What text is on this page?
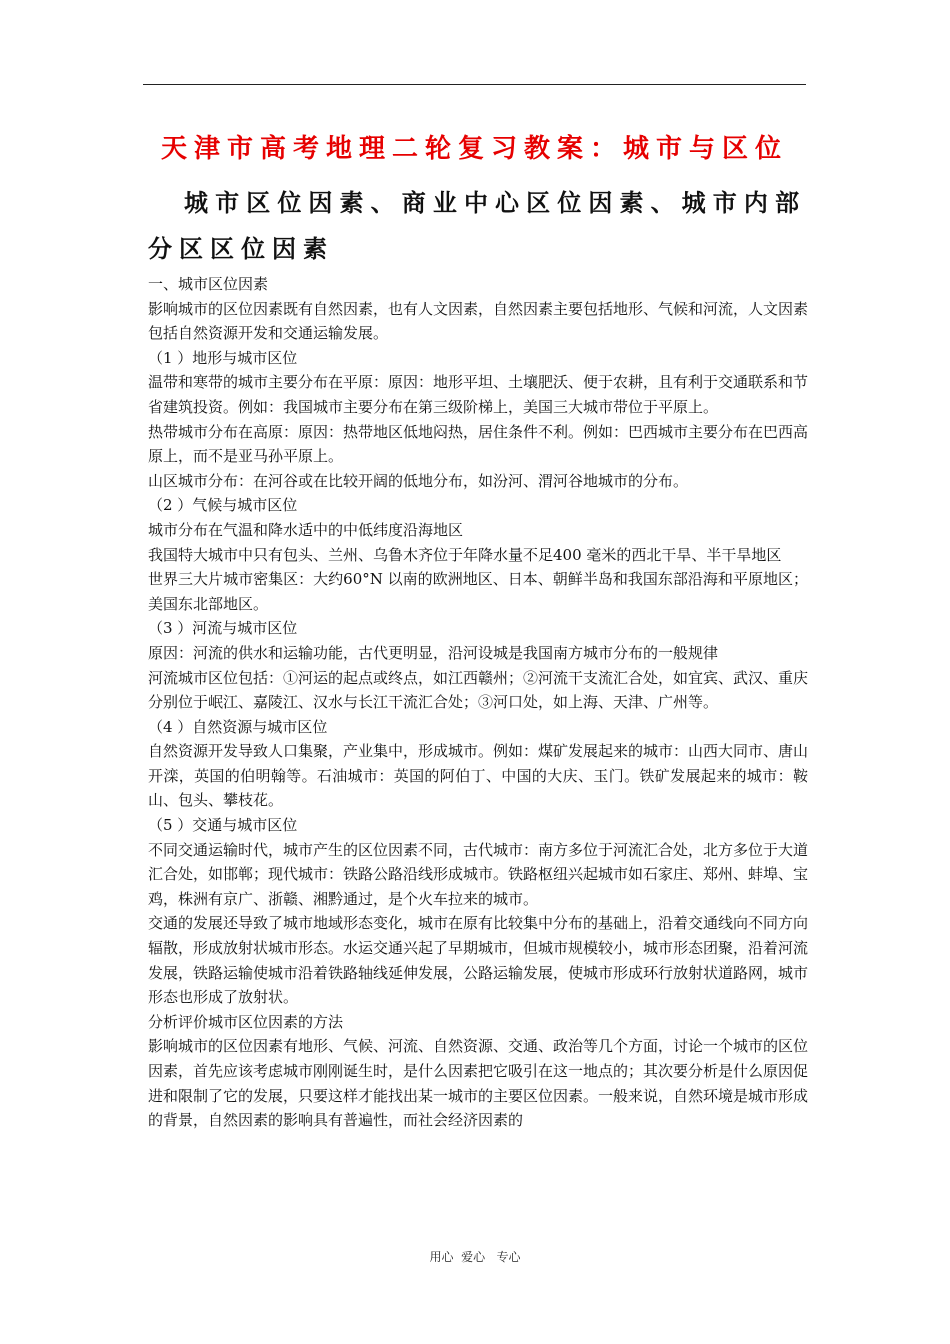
天津市高考地理二轮复习教案：城市与区位
城市区位因素、商业中心区位因素、城市内部分区区位因素

一、城市区位因素

影响城市的区位因素既有自然因素，也有人文因素，自然因素主要包括地形、气候和河流，人文因素包括自然资源开发和交通运输发展。

（1 ）地形与城市区位

温带和寒带的城市主要分布在平原：原因：地形平坦、土壤肥沃、便于农耕，且有利于交通联系和节省建筑投资。例如：我国城市主要分布在第三级阶梯上，美国三大城市带位于平原上。

热带城市分布在高原：原因：热带地区低地闷热，居住条件不利。例如：巴西城市主要分布在巴西高原上，而不是亚马孙平原上。

山区城市分布：在河谷或在比较开阔的低地分布，如汾河、渭河谷地城市的分布。

（2 ）气候与城市区位

城市分布在气温和降水适中的中低纬度沿海地区

我国特大城市中只有包头、兰州、乌鲁木齐位于年降水量不足400 毫米的西北干旱、半干旱地区

世界三大片城市密集区：大约60°N 以南的欧洲地区、日本、朝鲜半岛和我国东部沿海和平原地区；美国东北部地区。

（3 ）河流与城市区位

原因：河流的供水和运输功能，古代更明显，沿河设城是我国南方城市分布的一般规律

河流城市区位包括：①河运的起点或终点，如江西赣州；②河流干支流汇合处，如宜宾、武汉、重庆分别位于岷江、嘉陵江、汉水与长江干流汇合处；③河口处，如上海、天津、广州等。

（4 ）自然资源与城市区位

自然资源开发导致人口集聚，产业集中，形成城市。例如：煤矿发展起来的城市：山西大同市、唐山开滦，英国的伯明翰等。石油城市：英国的阿伯丁、中国的大庆、玉门。铁矿发展起来的城市：鞍山、包头、攀枝花。

（5 ）交通与城市区位

不同交通运输时代，城市产生的区位因素不同，古代城市：南方多位于河流汇合处，北方多位于大道汇合处，如邯郸；现代城市：铁路公路沿线形成城市。铁路枢纽兴起城市如石家庄、郑州、蚌埠、宝鸡，株洲有京广、浙赣、湘黔通过，是个火车拉来的城市。

交通的发展还导致了城市地域形态变化，城市在原有比较集中分布的基础上，沿着交通线向不同方向辐散，形成放射状城市形态。水运交通兴起了早期城市，但城市规模较小，城市形态团聚，沿着河流发展，铁路运输使城市沿着铁路轴线延伸发展，公路运输发展，使城市形成环行放射状道路网，城市形态也形成了放射状。

分析评价城市区位因素的方法

影响城市的区位因素有地形、气候、河流、自然资源、交通、政治等几个方面，讨论一个城市的区位因素，首先应该考虑城市刚刚诞生时，是什么因素把它吸引在这一地点的；其次要分析是什么原因促进和限制了它的发展，只要这样才能找出某一城市的主要区位因素。一般来说，自然环境是城市形成的背景，自然因素的影响具有普遍性，而社会经济因素的

用心  爱心   专心
